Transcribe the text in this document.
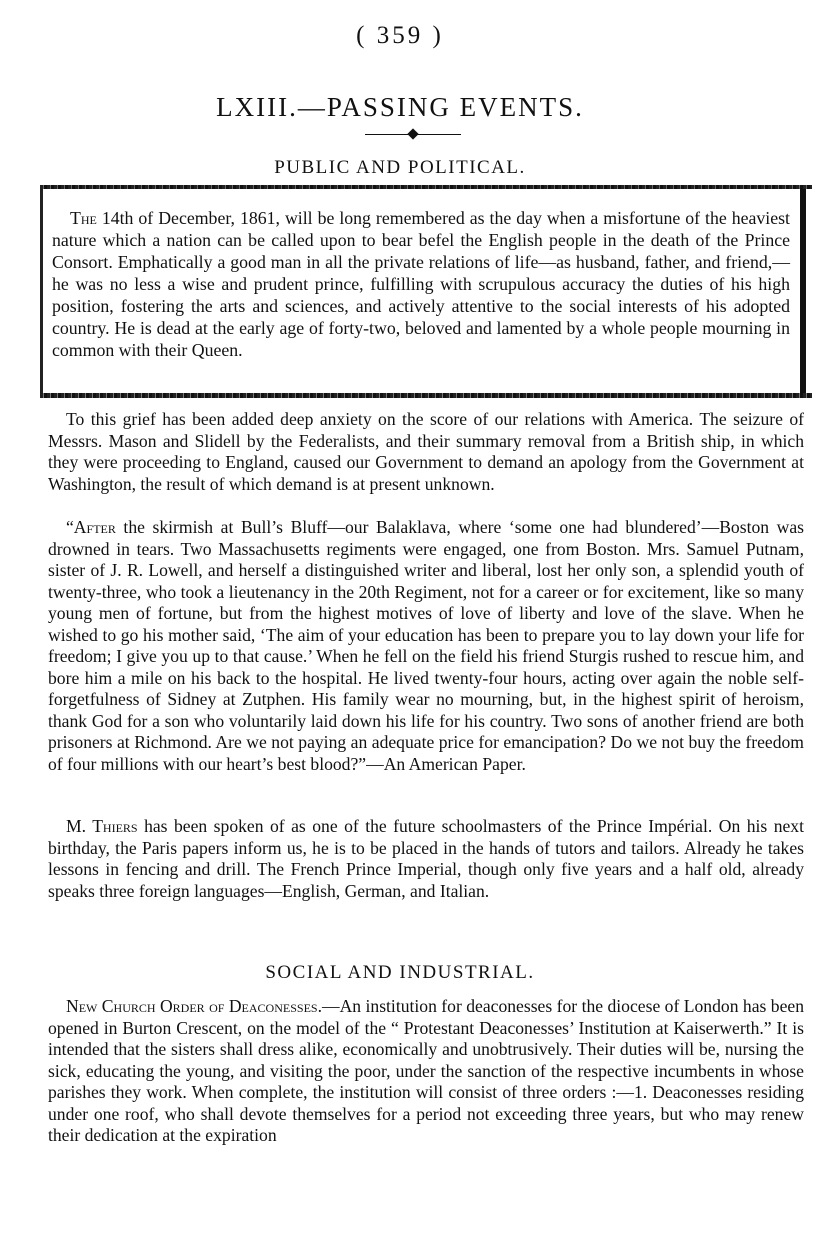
( 359 )
LXIII.—PASSING EVENTS.
PUBLIC AND POLITICAL.

The 14th of December, 1861, will be long remembered as the day when a misfortune of the heaviest nature which a nation can be called upon to bear befel the English people in the death of the Prince Consort. Emphatically a good man in all the private relations of life—as husband, father, and friend,—he was no less a wise and prudent prince, fulfilling with scrupulous accuracy the duties of his high position, fostering the arts and sciences, and actively attentive to the social interests of his adopted country. He is dead at the early age of forty-two, beloved and lamented by a whole people mourning in common with their Queen.

To this grief has been added deep anxiety on the score of our relations with America. The seizure of Messrs. Mason and Slidell by the Federalists, and their summary removal from a British ship, in which they were proceeding to England, caused our Government to demand an apology from the Government at Washington, the result of which demand is at present unknown.

“After the skirmish at Bull’s Bluff—our Balaklava, where ‘some one had blundered’—Boston was drowned in tears. Two Massachusetts regiments were engaged, one from Boston. Mrs. Samuel Putnam, sister of J. R. Lowell, and herself a distinguished writer and liberal, lost her only son, a splendid youth of twenty-three, who took a lieutenancy in the 20th Regiment, not for a career or for excitement, like so many young men of fortune, but from the highest motives of love of liberty and love of the slave. When he wished to go his mother said, ‘The aim of your education has been to prepare you to lay down your life for freedom; I give you up to that cause.’ When he fell on the field his friend Sturgis rushed to rescue him, and bore him a mile on his back to the hospital. He lived twenty-four hours, acting over again the noble self-forgetfulness of Sidney at Zutphen. His family wear no mourning, but, in the highest spirit of heroism, thank God for a son who voluntarily laid down his life for his country. Two sons of another friend are both prisoners at Richmond. Are we not paying an adequate price for emancipation? Do we not buy the freedom of four millions with our heart’s best blood?”—An American Paper.

M. Thiers has been spoken of as one of the future schoolmasters of the Prince Impérial. On his next birthday, the Paris papers inform us, he is to be placed in the hands of tutors and tailors. Already he takes lessons in fencing and drill. The French Prince Imperial, though only five years and a half old, already speaks three foreign languages—English, German, and Italian.

SOCIAL AND INDUSTRIAL.

New Church Order of Deaconesses.—An institution for deaconesses for the diocese of London has been opened in Burton Crescent, on the model of the “ Protestant Deaconesses’ Institution at Kaiserwerth.” It is intended that the sisters shall dress alike, economically and unobtrusively. Their duties will be, nursing the sick, educating the young, and visiting the poor, under the sanction of the respective incumbents in whose parishes they work. When complete, the institution will consist of three orders :—1. Deaconesses residing under one roof, who shall devote themselves for a period not exceeding three years, but who may renew their dedication at the expiration
